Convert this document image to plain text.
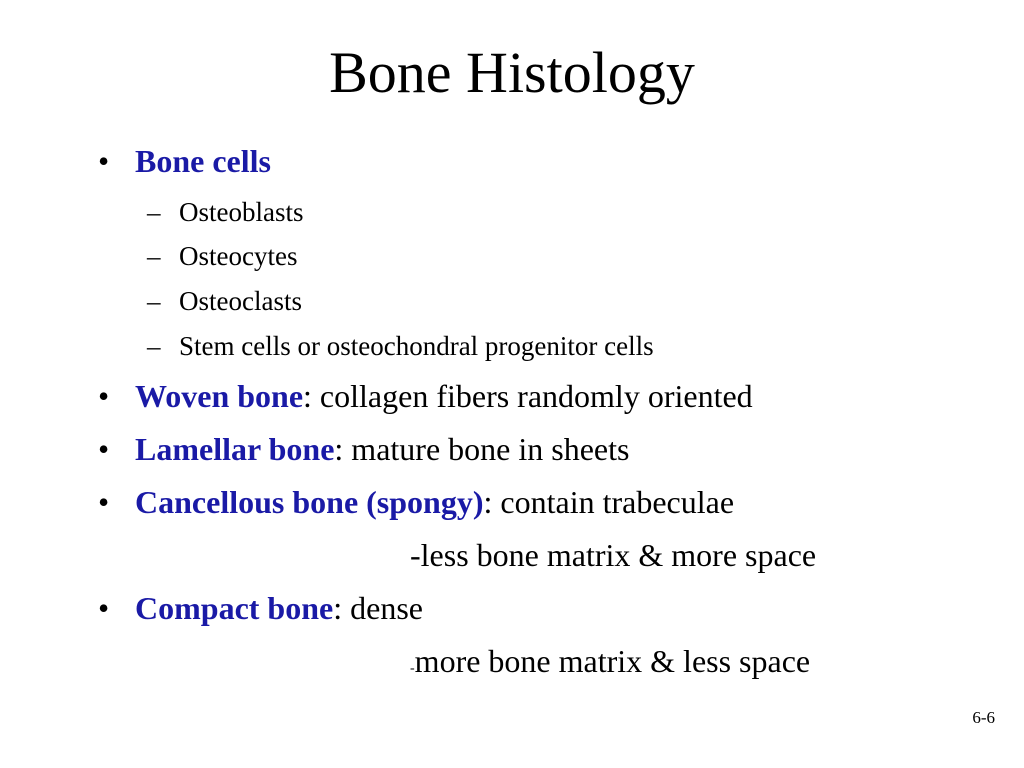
Bone Histology
• Bone cells
– Osteoblasts
– Osteocytes
– Osteoclasts
– Stem cells or osteochondral progenitor cells
• Woven bone: collagen fibers randomly oriented
• Lamellar bone: mature bone in sheets
• Cancellous bone (spongy): contain trabeculae
-less bone matrix & more space
• Compact bone: dense
-more bone matrix & less space
6-6
